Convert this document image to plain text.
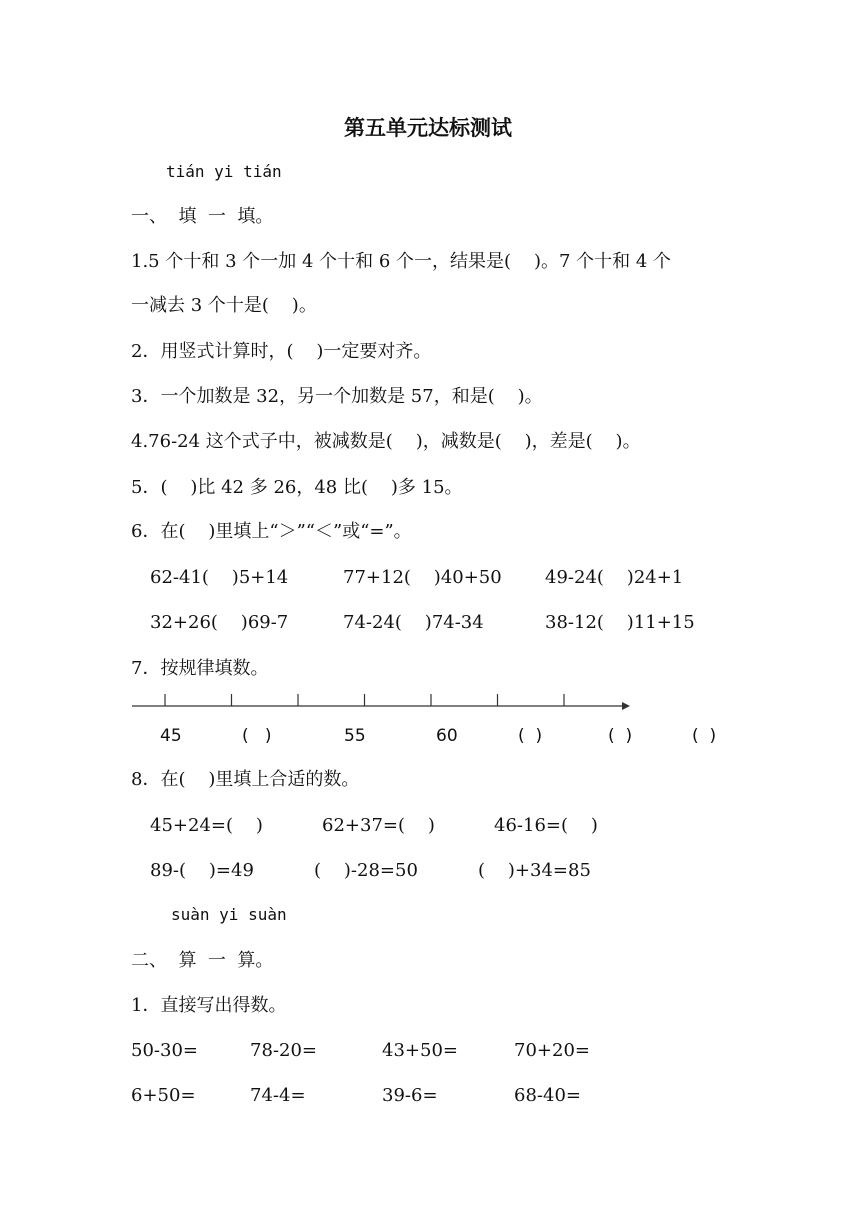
第五单元达标测试
tián yi tián
一、  填  一  填。
1.5 个十和 3 个一加 4 个十和 6 个一，结果是(    )。7 个十和 4 个
一减去 3 个十是(    )。
2．用竖式计算时，(    )一定要对齐。
3．一个加数是 32，另一个加数是 57，和是(    )。
4.76-24 这个式子中，被减数是(    )，减数是(    )，差是(    )。
5．(    )比 42 多 26，48 比(    )多 15。
6．在(    )里填上“＞”“＜”或“=”。
62-41(    )5+14	77+12(    )40+50 49-24(    )24+1
32+26(    )69-7	74-24(    )74-34	38-12(    )11+15
7．按规律填数。
45	(   )	55	60	(  )	(  )	(  )
8．在(    )里填上合适的数。
45+24=(    )	62+37=(    )	46-16=(    )
89-(    )=49	(    )-28=50	(    )+34=85
suàn yi suàn
二、  算  一  算。
1．直接写出得数。
50-30=	78-20=	43+50=	70+20=
6+50=	74-4=	39-6=	68-40=
